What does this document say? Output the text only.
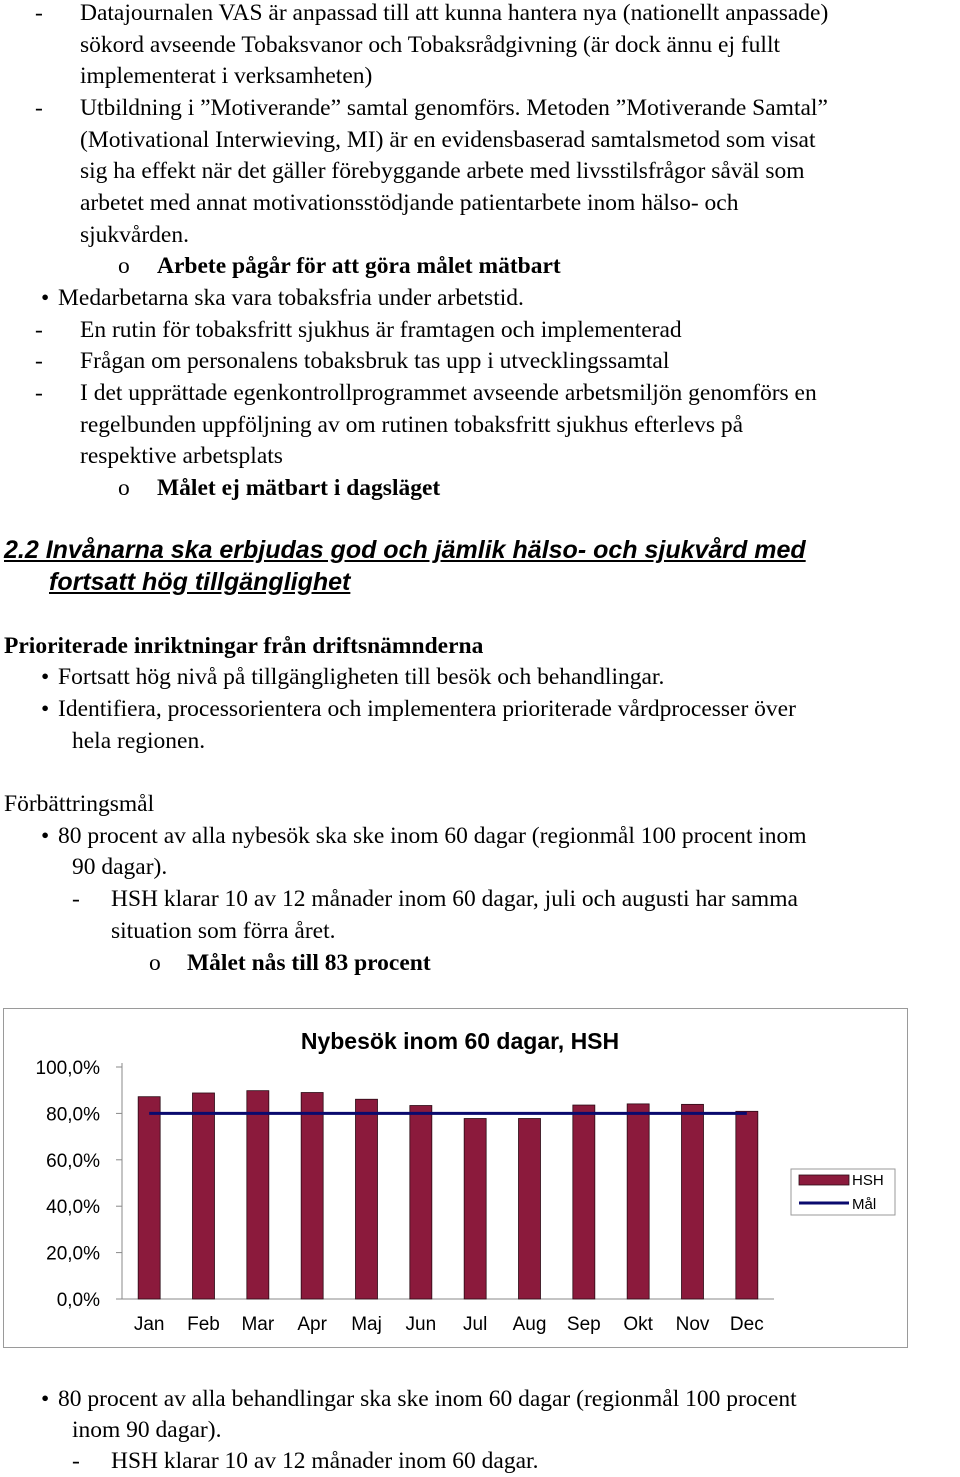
- Datajournalen VAS är anpassad till att kunna hantera nya (nationellt anpassade)
sökord avseende Tobaksvanor och Tobaksrådgivning (är dock ännu ej fullt
implementerat i verksamheten)
- Utbildning i ”Motiverande” samtal genomförs. Metoden ”Motiverande Samtal”
(Motivational Interwieving, MI) är en evidensbaserad samtalsmetod som visat
sig ha effekt när det gäller förebyggande arbete med livsstilsfrågor såväl som
arbetet med annat motivationsstödjande patientarbete inom hälso- och
sjukvården.
o Arbete pågår för att göra målet mätbart
• Medarbetarna ska vara tobaksfria under arbetstid.
- En rutin för tobaksfritt sjukhus är framtagen och implementerad
- Frågan om personalens tobaksbruk tas upp i utvecklingssamtal
- I det upprättade egenkontrollprogrammet avseende arbetsmiljön genomförs en
regelbunden uppföljning av om rutinen tobaksfritt sjukhus efterlevs på
respektive arbetsplats
o Målet ej mätbart i dagsläget
2.2 Invånarna ska erbjudas god och jämlik hälso- och sjukvård med
fortsatt hög tillgänglighet
Prioriterade inriktningar från driftsnämnderna
• Fortsatt hög nivå på tillgängligheten till besök och behandlingar.
• Identifiera, processorientera och implementera prioriterade vårdprocesser över
hela regionen.
Förbättringsmål
• 80 procent av alla nybesök ska ske inom 60 dagar (regionmål 100 procent inom
90 dagar).
- HSH klarar 10 av 12 månader inom 60 dagar, juli och augusti har samma
situation som förra året.
o Målet nås till 83 procent
Nybesök inom 60 dagar, HSH
100,0%
80,0%
60,0%
40,0%
20,0%
0,0%
Jan Feb Mar Apr Maj Jun Jul Aug Sep Okt Nov Dec
HSH
Mål
• 80 procent av alla behandlingar ska ske inom 60 dagar (regionmål 100 procent
inom 90 dagar).
- HSH klarar 10 av 12 månader inom 60 dagar.
